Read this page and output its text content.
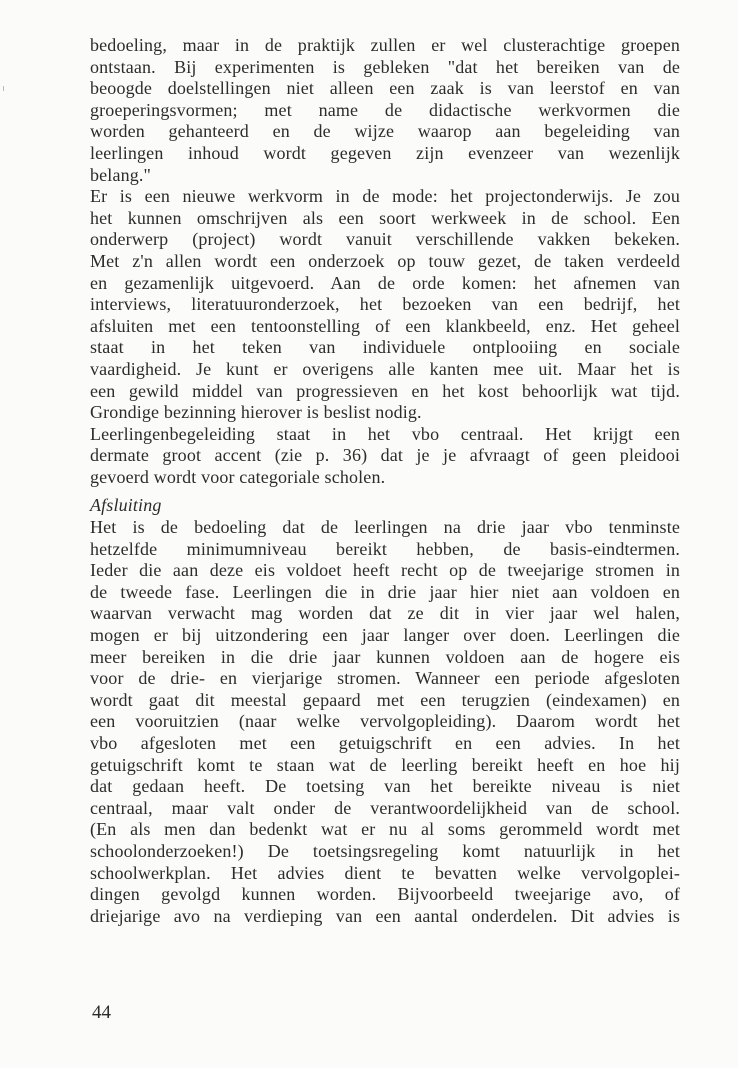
bedoeling, maar in de praktijk zullen er wel clusterachtige groepen
ontstaan. Bij experimenten is gebleken "dat het bereiken van de
beoogde doelstellingen niet alleen een zaak is van leerstof en van
groeperingsvormen; met name de didactische werkvormen die
worden gehanteerd en de wijze waarop aan begeleiding van
leerlingen inhoud wordt gegeven zijn evenzeer van wezenlijk
belang."
Er is een nieuwe werkvorm in de mode: het projectonderwijs. Je zou
het kunnen omschrijven als een soort werkweek in de school. Een
onderwerp (project) wordt vanuit verschillende vakken bekeken.
Met z'n allen wordt een onderzoek op touw gezet, de taken verdeeld
en gezamenlijk uitgevoerd. Aan de orde komen: het afnemen van
interviews, literatuuronderzoek, het bezoeken van een bedrijf, het
afsluiten met een tentoonstelling of een klankbeeld, enz. Het geheel
staat in het teken van individuele ontplooiing en sociale
vaardigheid. Je kunt er overigens alle kanten mee uit. Maar het is
een gewild middel van progressieven en het kost behoorlijk wat tijd.
Grondige bezinning hierover is beslist nodig.
Leerlingenbegeleiding staat in het vbo centraal. Het krijgt een
dermate groot accent (zie p. 36) dat je je afvraagt of geen pleidooi
gevoerd wordt voor categoriale scholen.
Afsluiting
Het is de bedoeling dat de leerlingen na drie jaar vbo tenminste
hetzelfde minimumniveau bereikt hebben, de basis-eindtermen.
Ieder die aan deze eis voldoet heeft recht op de tweejarige stromen in
de tweede fase. Leerlingen die in drie jaar hier niet aan voldoen en
waarvan verwacht mag worden dat ze dit in vier jaar wel halen,
mogen er bij uitzondering een jaar langer over doen. Leerlingen die
meer bereiken in die drie jaar kunnen voldoen aan de hogere eis
voor de drie- en vierjarige stromen. Wanneer een periode afgesloten
wordt gaat dit meestal gepaard met een terugzien (eindexamen) en
een vooruitzien (naar welke vervolgopleiding). Daarom wordt het
vbo afgesloten met een getuigschrift en een advies. In het
getuigschrift komt te staan wat de leerling bereikt heeft en hoe hij
dat gedaan heeft. De toetsing van het bereikte niveau is niet
centraal, maar valt onder de verantwoordelijkheid van de school.
(En als men dan bedenkt wat er nu al soms gerommeld wordt met
schoolonderzoeken!) De toetsingsregeling komt natuurlijk in het
schoolwerkplan. Het advies dient te bevatten welke vervolgoplei-
dingen gevolgd kunnen worden. Bijvoorbeeld tweejarige avo, of
driejarige avo na verdieping van een aantal onderdelen. Dit advies is
44
